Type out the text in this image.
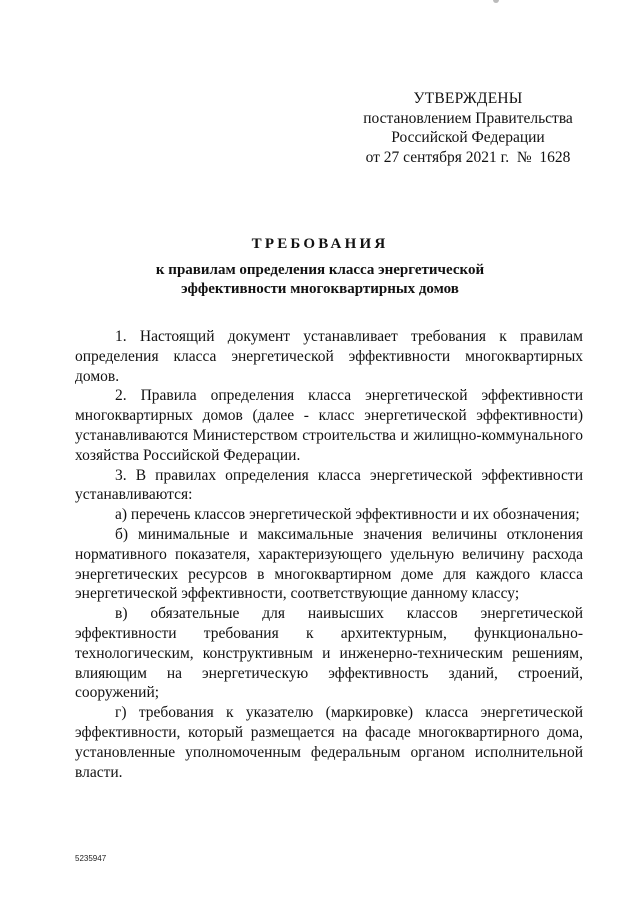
УТВЕРЖДЕНЫ
постановлением Правительства
Российской Федерации
от 27 сентября 2021 г.  №  1628
ТРЕБОВАНИЯ
к правилам определения класса энергетической эффективности многоквартирных домов

1. Настоящий документ устанавливает требования к правилам определения класса энергетической эффективности многоквартирных домов.

2. Правила определения класса энергетической эффективности многоквартирных домов (далее - класс энергетической эффективности) устанавливаются Министерством строительства и жилищно-коммунального хозяйства Российской Федерации.

3. В правилах определения класса энергетической эффективности устанавливаются:

а) перечень классов энергетической эффективности и их обозначения;

б) минимальные и максимальные значения величины отклонения нормативного показателя, характеризующего удельную величину расхода энергетических ресурсов в многоквартирном доме для каждого класса энергетической эффективности, соответствующие данному классу;

в) обязательные для наивысших классов энергетической эффективности требования к архитектурным, функционально-технологическим, конструктивным и инженерно-техническим решениям, влияющим на энергетическую эффективность зданий, строений, сооружений;

г) требования к указателю (маркировке) класса энергетической эффективности, который размещается на фасаде многоквартирного дома, установленные уполномоченным федеральным органом исполнительной власти.

5235947
